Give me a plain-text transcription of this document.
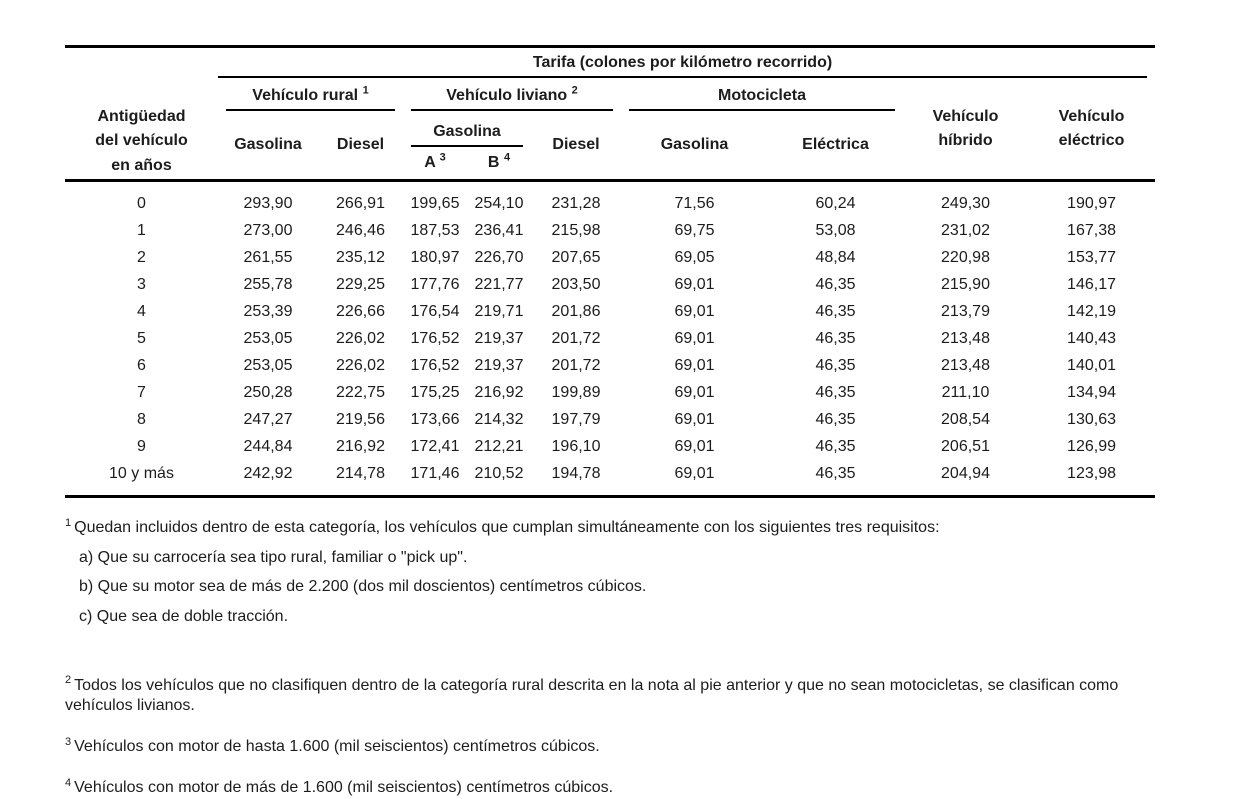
Antigüedad del vehículo en años	Tarifa (colones por kilómetro recorrido)								

	Vehículo rural $^1$		Vehículo liviano $^2$			Motocicleta		Vehículo híbrido	Vehículo eléctrico

	Gasolina	Diesel	Gasolina		Diesel	Gasolina	Eléctrica		
			A $^3$	B $^4$
0	293,90	266,91	199,65	254,10	231,28	71,56	60,24	249,30	190,97
1	273,00	246,46	187,53	236,41	215,98	69,75	53,08	231,02	167,38
2	261,55	235,12	180,97	226,70	207,65	69,05	48,84	220,98	153,77
3	255,78	229,25	177,76	221,77	203,50	69,01	46,35	215,90	146,17
4	253,39	226,66	176,54	219,71	201,86	69,01	46,35	213,79	142,19
5	253,05	226,02	176,52	219,37	201,72	69,01	46,35	213,48	140,43
6	253,05	226,02	176,52	219,37	201,72	69,01	46,35	213,48	140,01
7	250,28	222,75	175,25	216,92	199,89	69,01	46,35	211,10	134,94
8	247,27	219,56	173,66	214,32	197,79	69,01	46,35	208,54	130,63
9	244,84	216,92	172,41	212,21	196,10	69,01	46,35	206,51	126,99
10 y más	242,92	214,78	171,46	210,52	194,78	69,01	46,35	204,94	123,98
$^1$ Quedan incluidos dentro de esta categoría, los vehículos que cumplan simultáneamente con los siguientes tres requisitos:
a) Que su carrocería sea tipo rural, familiar o "pick up".
b) Que su motor sea de más de 2.200 (dos mil doscientos) centímetros cúbicos.
c) Que sea de doble tracción.
$^2$ Todos los vehículos que no clasifiquen dentro de la categoría rural descrita en la nota al pie anterior y que no sean motocicletas, se clasifican como vehículos livianos.
$^3$ Vehículos con motor de hasta 1.600 (mil seiscientos) centímetros cúbicos.
$^4$ Vehículos con motor de más de 1.600 (mil seiscientos) centímetros cúbicos.
